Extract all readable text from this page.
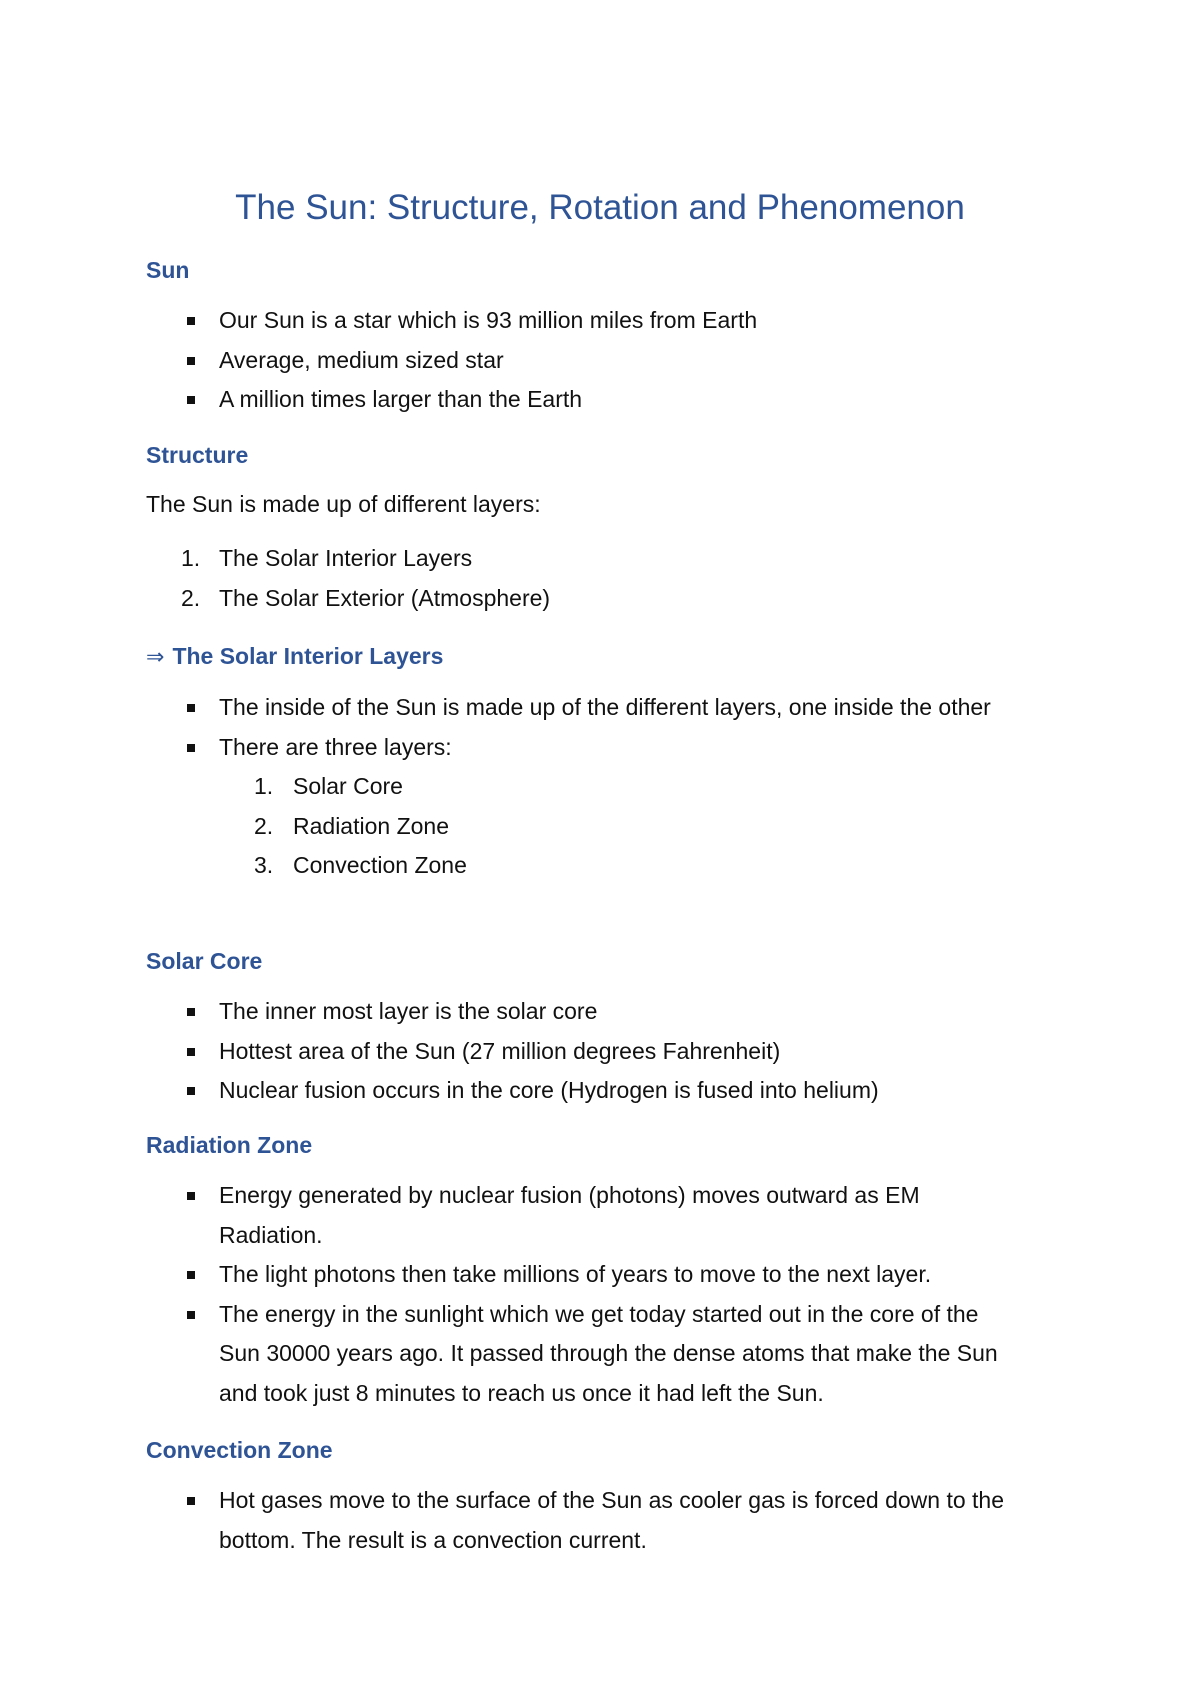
The Sun: Structure, Rotation and Phenomenon
Sun
Our Sun is a star which is 93 million miles from Earth
Average, medium sized star
A million times larger than the Earth
Structure

The Sun is made up of different layers:

1. The Solar Interior Layers
2. The Solar Exterior (Atmosphere)
⇒ The Solar Interior Layers
The inside of the Sun is made up of the different layers, one inside the other
There are three layers:
1. Solar Core
2. Radiation Zone
3. Convection Zone
Solar Core
The inner most layer is the solar core
Hottest area of the Sun (27 million degrees Fahrenheit)
Nuclear fusion occurs in the core (Hydrogen is fused into helium)
Radiation Zone
Energy generated by nuclear fusion (photons) moves outward as EM Radiation.
The light photons then take millions of years to move to the next layer.
The energy in the sunlight which we get today started out in the core of the Sun 30000 years ago. It passed through the dense atoms that make the Sun and took just 8 minutes to reach us once it had left the Sun.
Convection Zone
Hot gases move to the surface of the Sun as cooler gas is forced down to the bottom. The result is a convection current.
